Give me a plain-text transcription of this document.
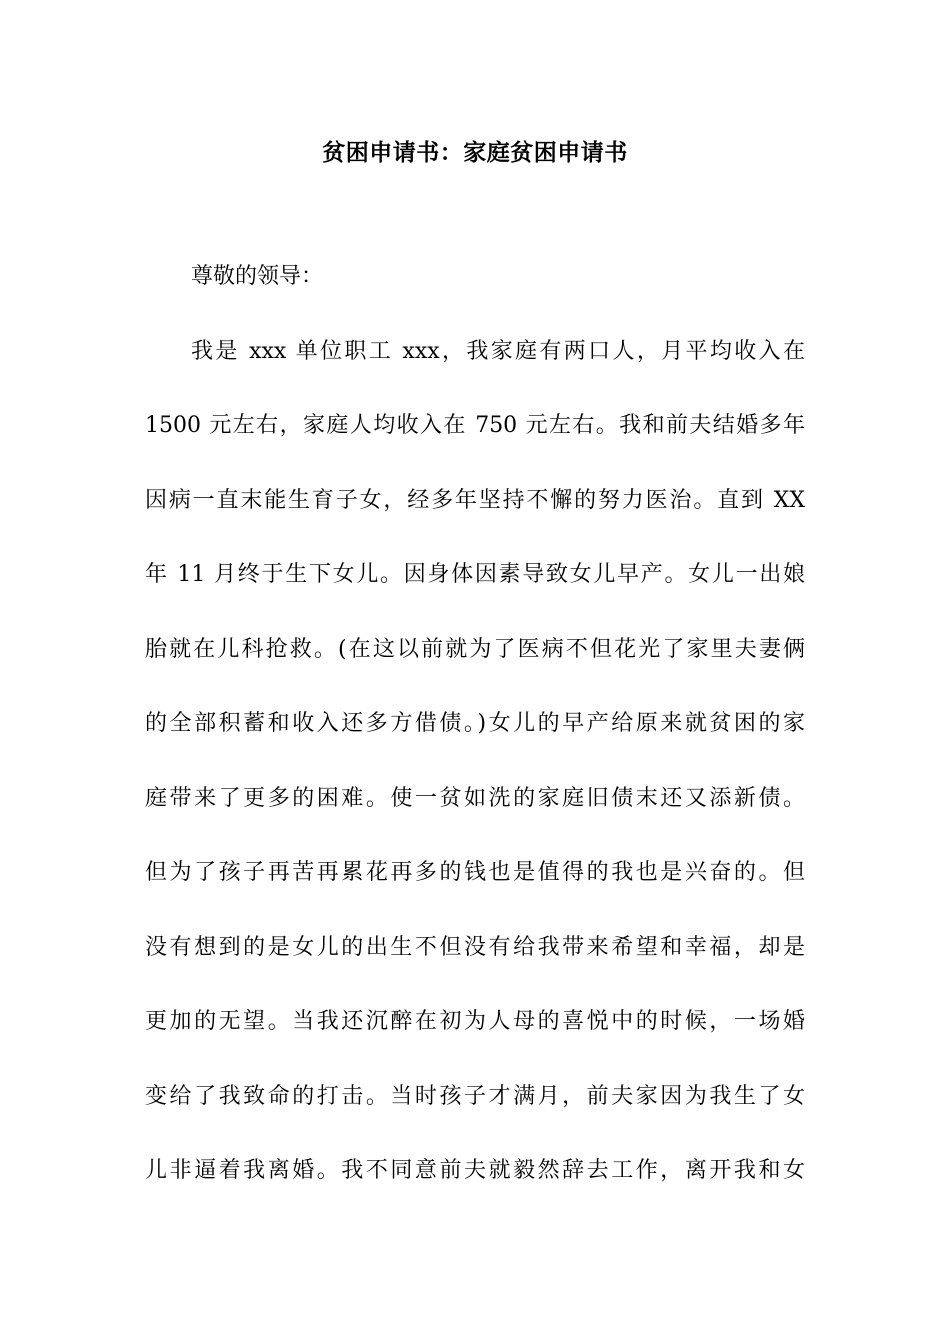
贫困申请书：家庭贫困申请书
尊敬的领导：
我是 xxx 单位职工 xxx，我家庭有两口人，月平均收入在
1500 元左右，家庭人均收入在 750 元左右。我和前夫结婚多年
因病一直末能生育子女，经多年坚持不懈的努力医治。直到 XX
年 11 月终于生下女儿。因身体因素导致女儿早产。女儿一出娘
胎就在儿科抢救。(在这以前就为了医病不但花光了家里夫妻俩
的全部积蓄和收入还多方借债。)女儿的早产给原来就贫困的家
庭带来了更多的困难。使一贫如洗的家庭旧债末还又添新债。
但为了孩子再苦再累花再多的钱也是值得的我也是兴奋的。但
没有想到的是女儿的出生不但没有给我带来希望和幸福，却是
更加的无望。当我还沉醉在初为人母的喜悦中的时候，一场婚
变给了我致命的打击。当时孩子才满月，前夫家因为我生了女
儿非逼着我离婚。我不同意前夫就毅然辞去工作，离开我和女
